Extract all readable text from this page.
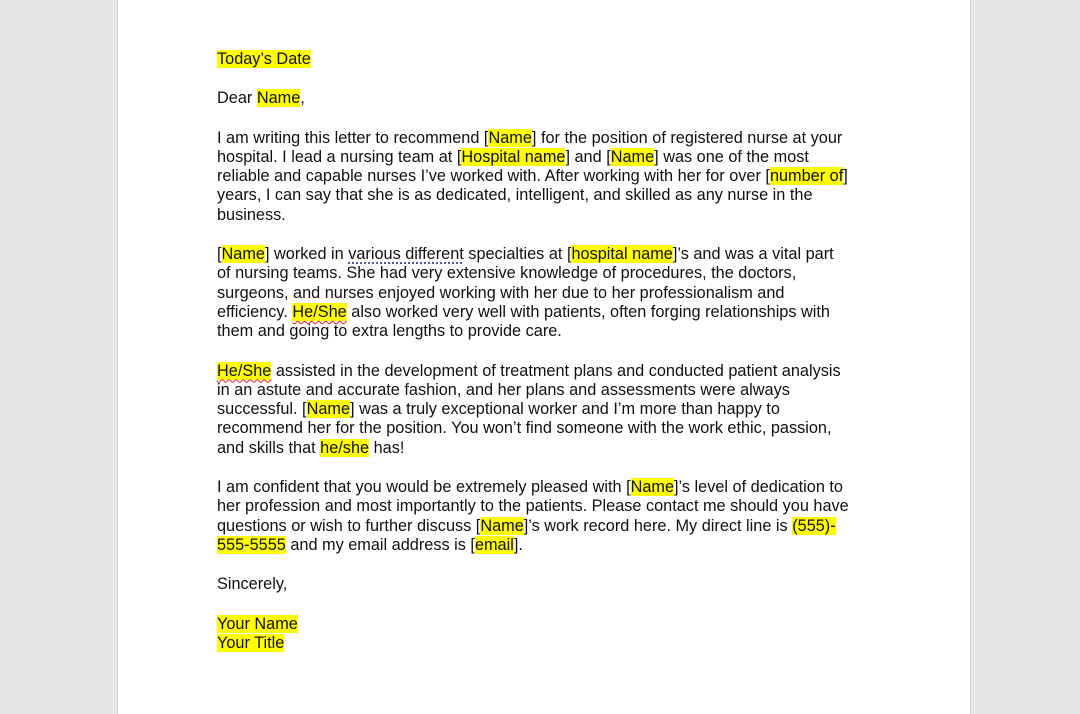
Today’s Date
Dear Name,
I am writing this letter to recommend [Name] for the position of registered nurse at your
hospital. I lead a nursing team at [Hospital name] and [Name] was one of the most
reliable and capable nurses I’ve worked with. After working with her for over [number of]
years, I can say that she is as dedicated, intelligent, and skilled as any nurse in the
business.
[Name] worked in various different specialties at [hospital name]’s and was a vital part
of nursing teams. She had very extensive knowledge of procedures, the doctors,
surgeons, and nurses enjoyed working with her due to her professionalism and
efficiency. He/She also worked very well with patients, often forging relationships with
them and going to extra lengths to provide care.
He/She assisted in the development of treatment plans and conducted patient analysis
in an astute and accurate fashion, and her plans and assessments were always
successful. [Name] was a truly exceptional worker and I’m more than happy to
recommend her for the position. You won’t find someone with the work ethic, passion,
and skills that he/she has!
I am confident that you would be extremely pleased with [Name]’s level of dedication to
her profession and most importantly to the patients. Please contact me should you have
questions or wish to further discuss [Name]’s work record here. My direct line is (555)-
555-5555 and my email address is [email].
Sincerely,
Your Name
Your Title
